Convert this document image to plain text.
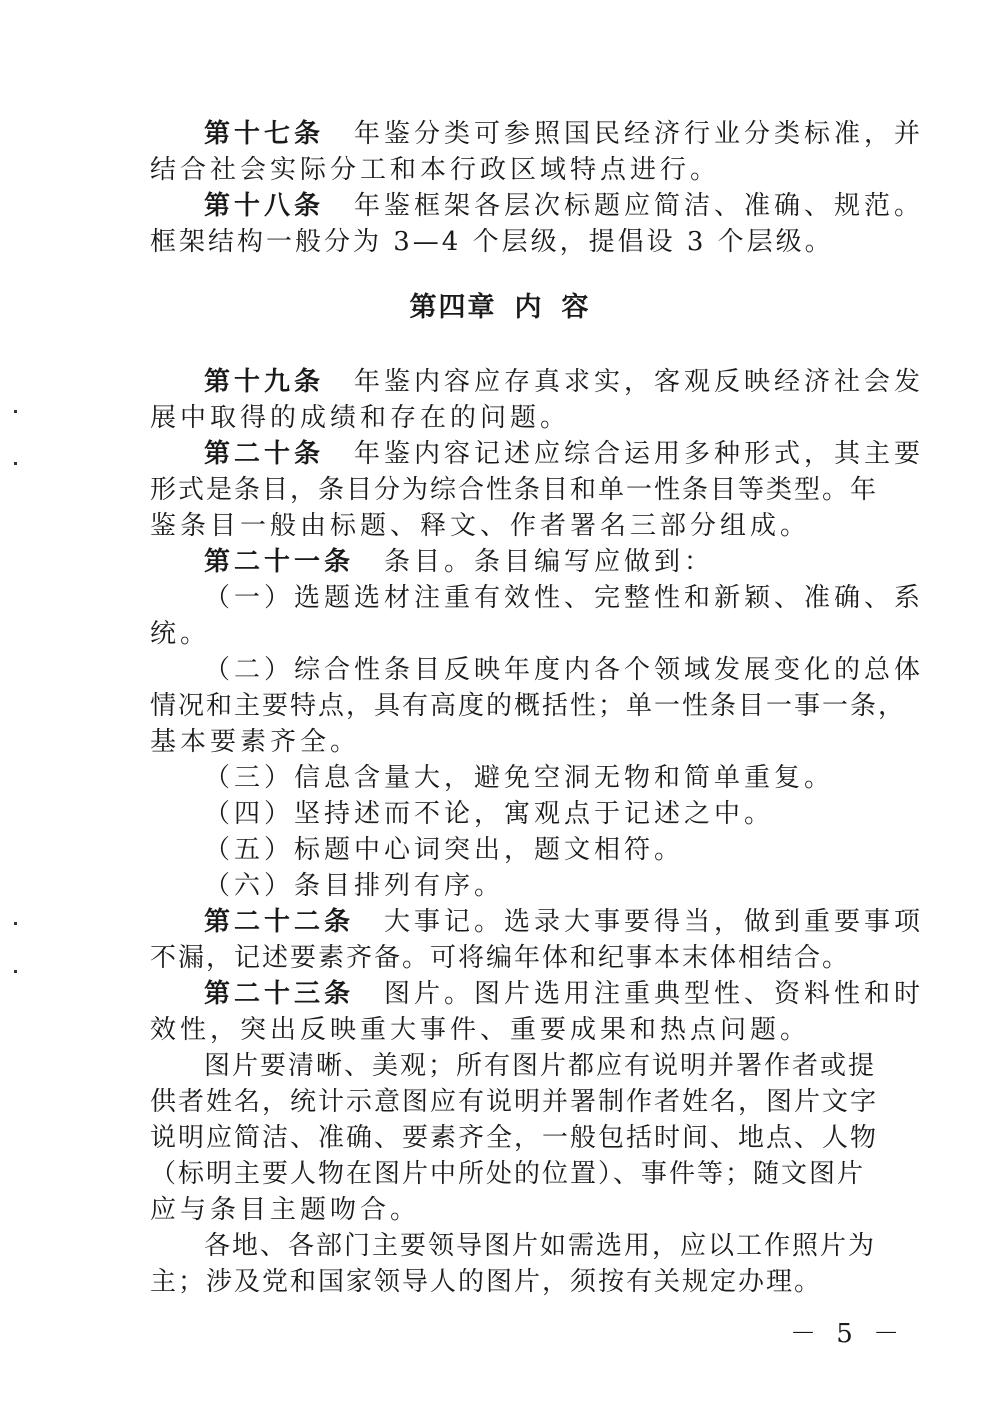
第十七条 年鉴分类可参照国民经济行业分类标准，并
结合社会实际分工和本行政区域特点进行。
第十八条 年鉴框架各层次标题应简洁、准确、规范。
框架结构一般分为 3—4 个层级，提倡设 3 个层级。
第四章 内 容
第十九条 年鉴内容应存真求实，客观反映经济社会发
展中取得的成绩和存在的问题。
第二十条 年鉴内容记述应综合运用多种形式，其主要
形式是条目，条目分为综合性条目和单一性条目等类型。年
鉴条目一般由标题、释文、作者署名三部分组成。
第二十一条 条目。条目编写应做到：
（一）选题选材注重有效性、完整性和新颖、准确、系
统。
（二）综合性条目反映年度内各个领域发展变化的总体
情况和主要特点，具有高度的概括性；单一性条目一事一条，
基本要素齐全。
（三）信息含量大，避免空洞无物和简单重复。
（四）坚持述而不论，寓观点于记述之中。
（五）标题中心词突出，题文相符。
（六）条目排列有序。
第二十二条 大事记。选录大事要得当，做到重要事项
不漏，记述要素齐备。可将编年体和纪事本末体相结合。
第二十三条 图片。图片选用注重典型性、资料性和时
效性，突出反映重大事件、重要成果和热点问题。
图片要清晰、美观；所有图片都应有说明并署作者或提
供者姓名，统计示意图应有说明并署制作者姓名，图片文字
说明应简洁、准确、要素齐全，一般包括时间、地点、人物
（标明主要人物在图片中所处的位置）、事件等；随文图片
应与条目主题吻合。
各地、各部门主要领导图片如需选用，应以工作照片为
主；涉及党和国家领导人的图片，须按有关规定办理。
－ 5 －
